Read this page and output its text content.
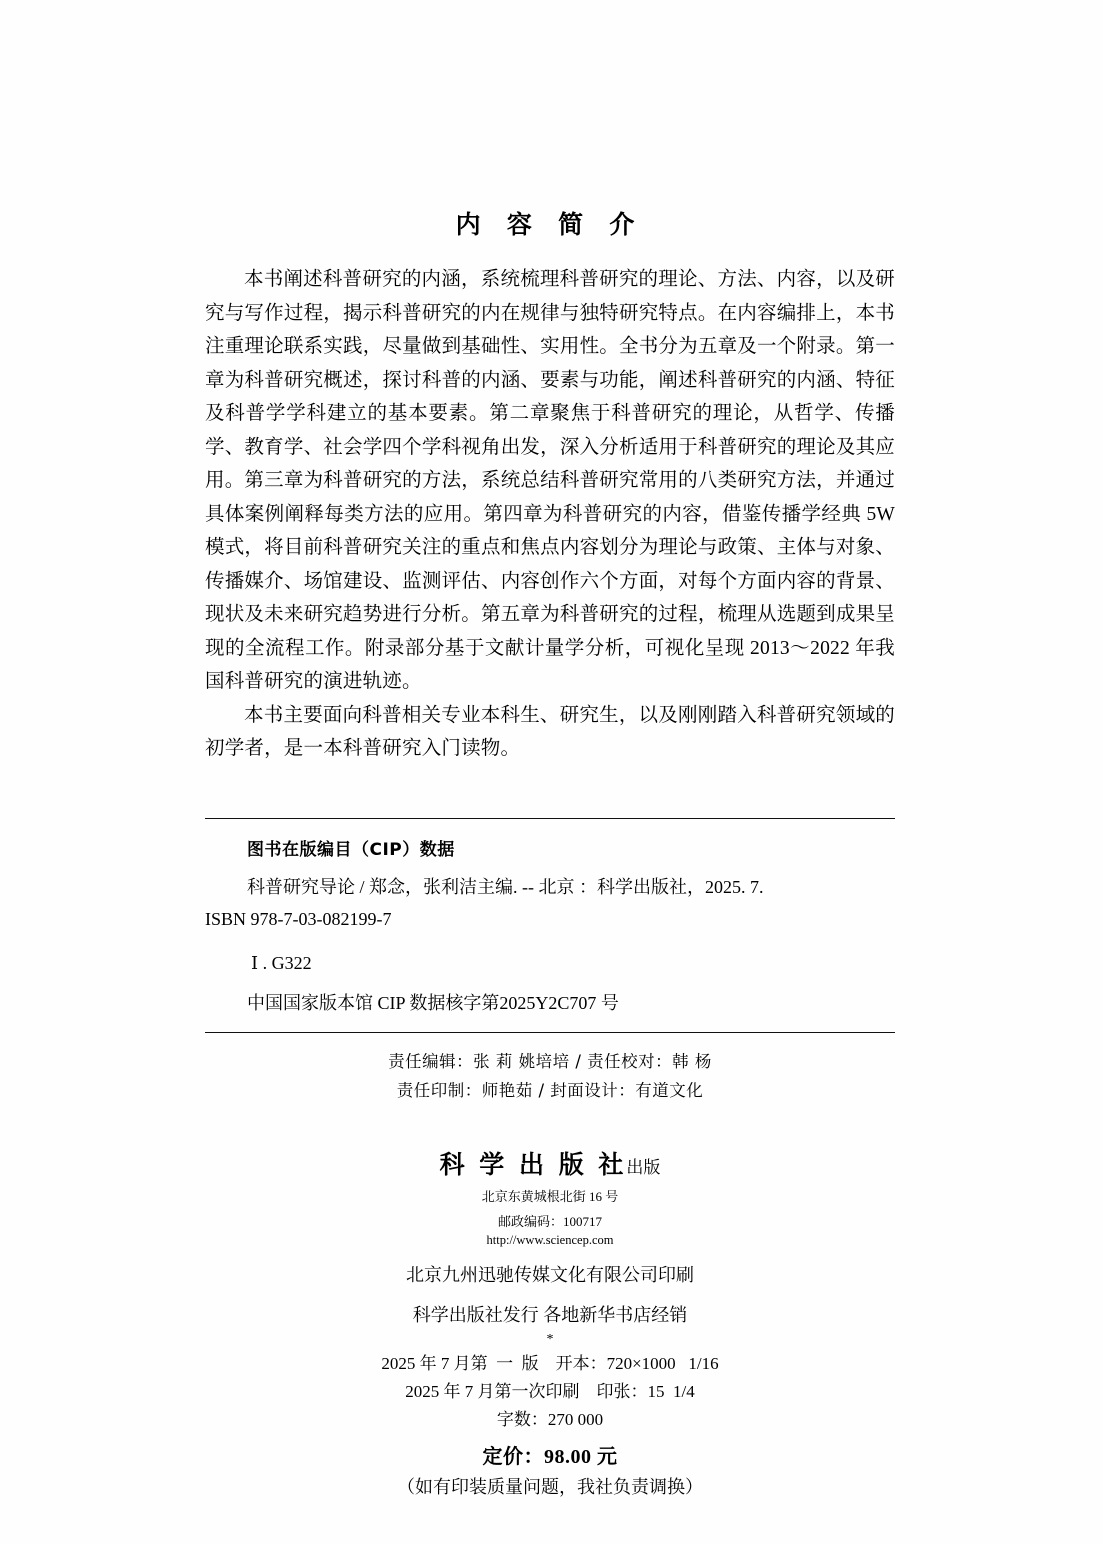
内 容 简 介

本书阐述科普研究的内涵，系统梳理科普研究的理论、方法、内容，以及研究与写作过程，揭示科普研究的内在规律与独特研究特点。在内容编排上，本书注重理论联系实践，尽量做到基础性、实用性。全书分为五章及一个附录。第一章为科普研究概述，探讨科普的内涵、要素与功能，阐述科普研究的内涵、特征及科普学学科建立的基本要素。第二章聚焦于科普研究的理论，从哲学、传播学、教育学、社会学四个学科视角出发，深入分析适用于科普研究的理论及其应用。第三章为科普研究的方法，系统总结科普研究常用的八类研究方法，并通过具体案例阐释每类方法的应用。第四章为科普研究的内容，借鉴传播学经典 5W 模式，将目前科普研究关注的重点和焦点内容划分为理论与政策、主体与对象、传播媒介、场馆建设、监测评估、内容创作六个方面，对每个方面内容的背景、现状及未来研究趋势进行分析。第五章为科普研究的过程，梳理从选题到成果呈现的全流程工作。附录部分基于文献计量学分析，可视化呈现 2013～2022 年我国科普研究的演进轨迹。

本书主要面向科普相关专业本科生、研究生，以及刚刚踏入科普研究领域的初学者，是一本科普研究入门读物。

图书在版编目（CIP）数据
科普研究导论 / 郑念，张利洁主编. -- 北京 ：科学出版社，2025. 7.
ISBN 978-7-03-082199-7
Ⅰ . G322
中国国家版本馆 CIP 数据核字第2025Y2C707 号
责任编辑：张 莉 姚培培 / 责任校对：韩 杨
责任印制：师艳茹 / 封面设计：有道文化
科 学 出 版 社出版
北京东黄城根北街 16 号
邮政编码：100717
http://www.sciencep.com
北京九州迅驰传媒文化有限公司印刷
科学出版社发行 各地新华书店经销
*
2025 年 7 月第  一  版    开本：720×1000   1/16
2025 年 7 月第一次印刷    印张：15  1/4
字数：270 000
定价：98.00 元
（如有印装质量问题，我社负责调换）
